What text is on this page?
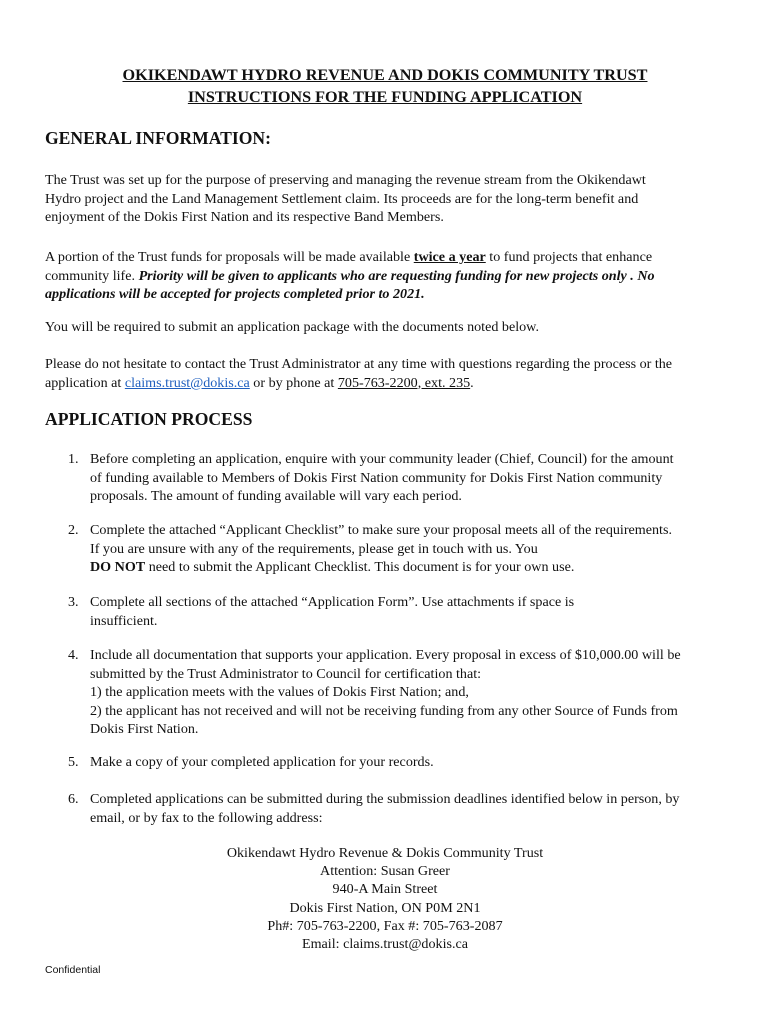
OKIKENDAWT HYDRO REVENUE AND DOKIS COMMUNITY TRUST
INSTRUCTIONS FOR THE FUNDING APPLICATION
GENERAL INFORMATION:

The Trust was set up for the purpose of preserving and managing the revenue stream from the Okikendawt
Hydro project and the Land Management Settlement claim. Its proceeds are for the long-term benefit and
enjoyment of the Dokis First Nation and its respective Band Members.

A portion of the Trust funds for proposals will be made available twice a year to fund projects that enhance
community life. Priority will be given to applicants who are requesting funding for new projects only . No
applications will be accepted for projects completed prior to 2021.

You will be required to submit an application package with the documents noted below.

Please do not hesitate to contact the Trust Administrator at any time with questions regarding the process or the
application at claims.trust@dokis.ca or by phone at 705-763-2200, ext. 235.

APPLICATION PROCESS
1. Before completing an application, enquire with your community leader (Chief, Council) for the amount
of funding available to Members of Dokis First Nation community for Dokis First Nation community
proposals. The amount of funding available will vary each period.
2. Complete the attached “Applicant Checklist” to make sure your proposal meets all of the requirements.
If you are unsure with any of the requirements, please get in touch with us. You
DO NOT need to submit the Applicant Checklist. This document is for your own use.
3. Complete all sections of the attached “Application Form”. Use attachments if space is
insufficient.
4. Include all documentation that supports your application. Every proposal in excess of $10,000.00 will be
submitted by the Trust Administrator to Council for certification that:
1) the application meets with the values of Dokis First Nation; and,
2) the applicant has not received and will not be receiving funding from any other Source of Funds from
Dokis First Nation.
5. Make a copy of your completed application for your records.
6. Completed applications can be submitted during the submission deadlines identified below in person, by
email, or by fax to the following address:
Okikendawt Hydro Revenue & Dokis Community Trust
Attention: Susan Greer
940-A Main Street
Dokis First Nation, ON P0M 2N1
Ph#: 705-763-2200, Fax #: 705-763-2087
Email: claims.trust@dokis.ca
Confidential
